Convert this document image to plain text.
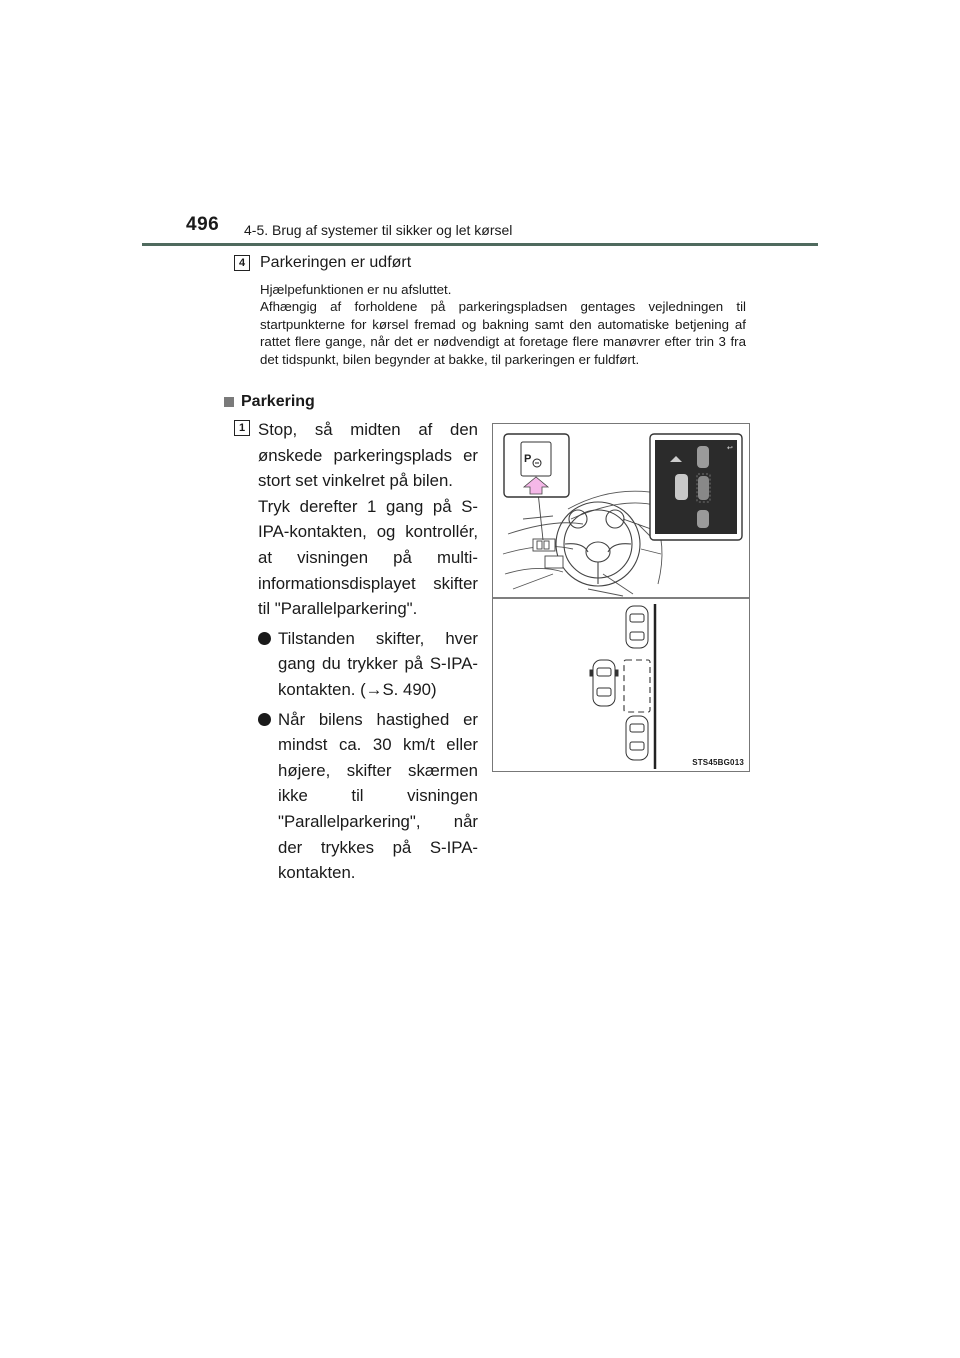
496 4-5. Brug af systemer til sikker og let kørsel
4 Parkeringen er udført

Hjælpefunktionen er nu afsluttet.

Afhængig af forholdene på parkeringspladsen gentages vejledningen til startpunkterne for kørsel fremad og bakning samt den automatiske betjening af rattet flere gange, når det er nødvendigt at foretage flere manøvrer efter trin 3 fra det tidspunkt, bilen begynder at bakke, til parkeringen er fuldført.

Parkering
1 Stop, så midten af den ønskede parkeringsplads er stort set vinkelret på bilen.

Tryk derefter 1 gang på S-IPA-kontakten, og kontrollér, at visningen på multi-informationsdisplayet skifter til "Parallelparkering".

Tilstanden skifter, hver gang du trykker på S-IPA-kontakten. (→S. 490)
Når bilens hastighed er mindst ca. 30 km/t eller højere, skifter skærmen ikke til visningen "Parallelparkering", når der trykkes på S-IPA-kontakten.
P
↩
STS45BG013
